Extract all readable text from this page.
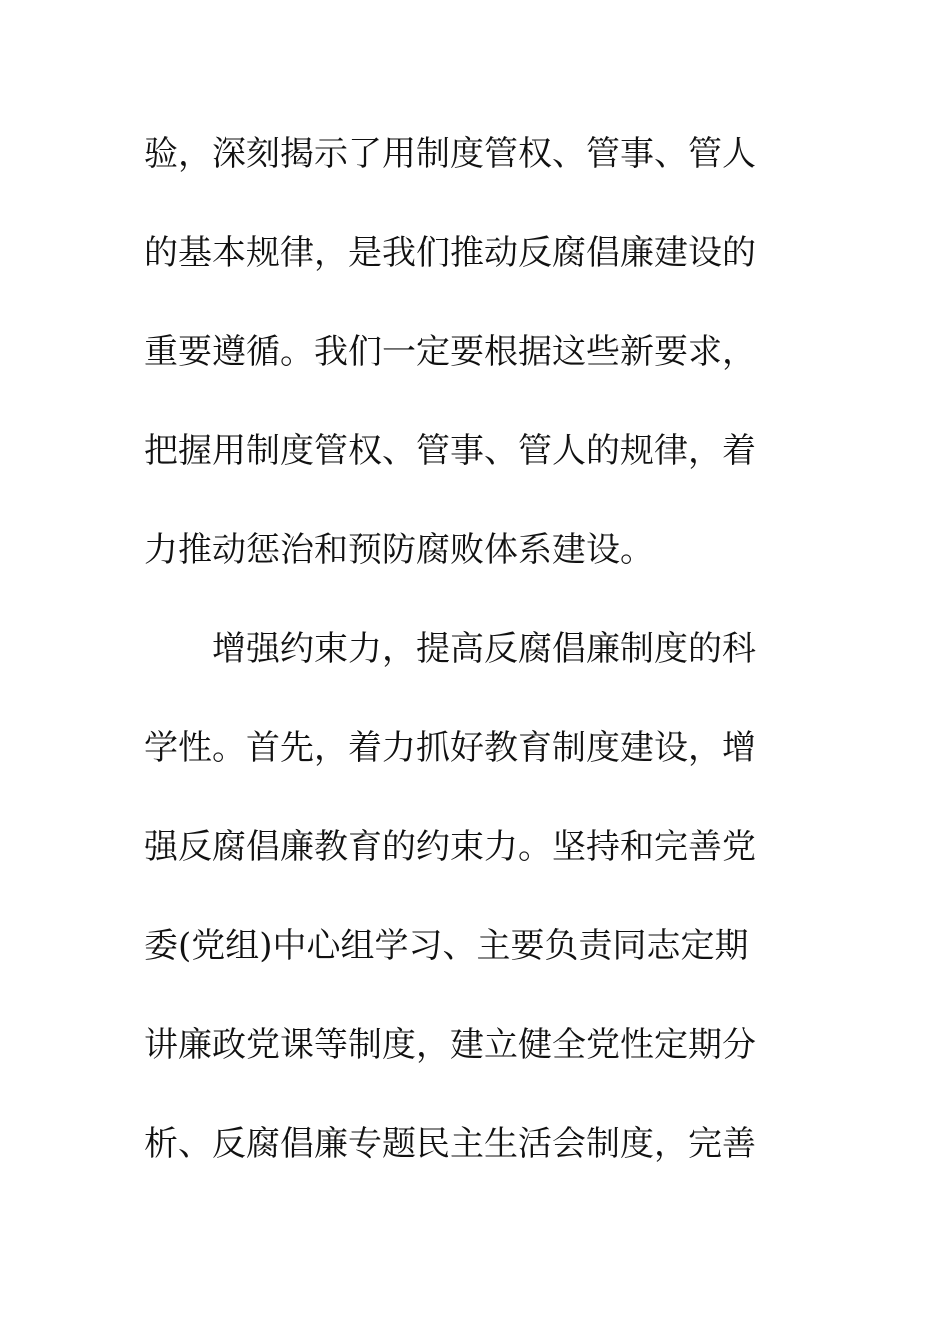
验，深刻揭示了用制度管权、管事、管人
的基本规律，是我们推动反腐倡廉建设的
重要遵循。我们一定要根据这些新要求，
把握用制度管权、管事、管人的规律，着
力推动惩治和预防腐败体系建设。
增强约束力，提高反腐倡廉制度的科
学性。首先，着力抓好教育制度建设，增
强反腐倡廉教育的约束力。坚持和完善党
委(党组)中心组学习、主要负责同志定期
讲廉政党课等制度，建立健全党性定期分
析、反腐倡廉专题民主生活会制度，完善
